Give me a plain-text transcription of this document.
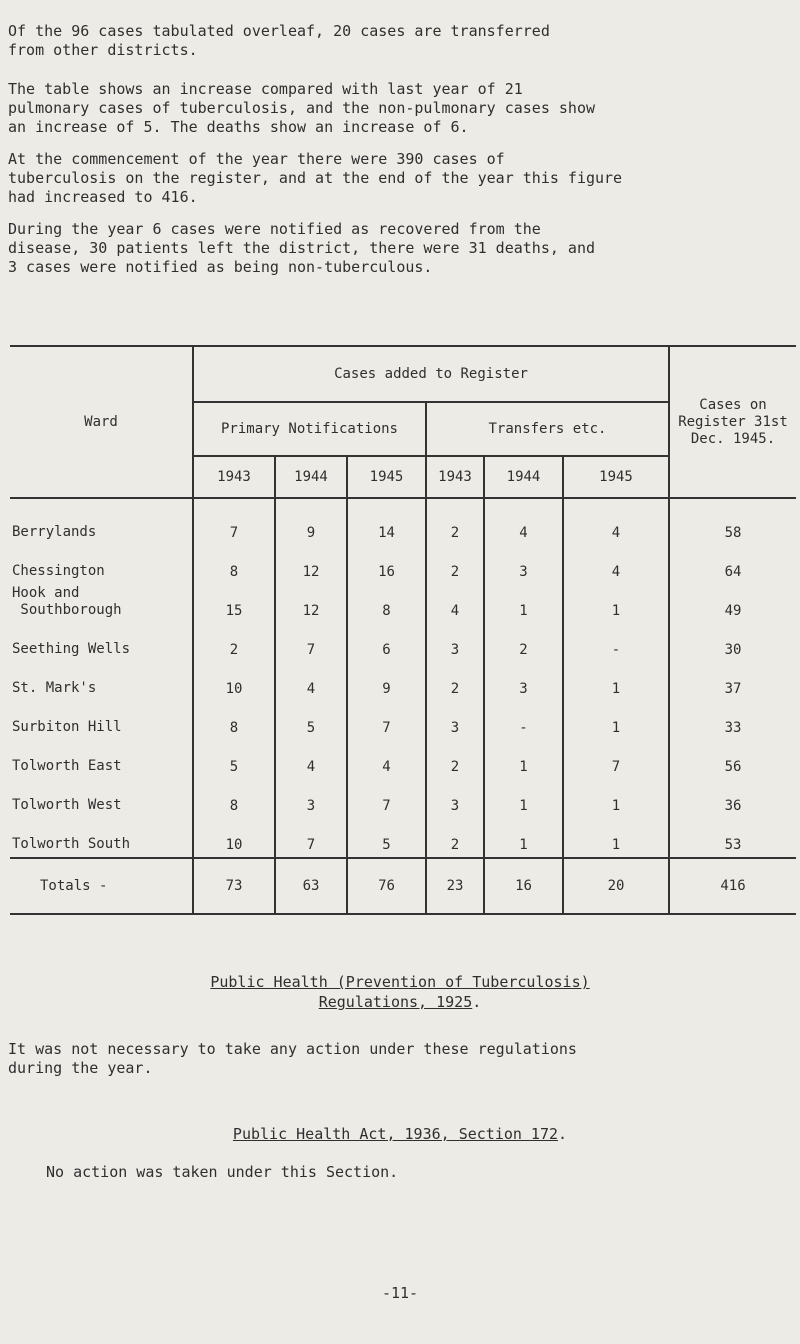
Of the 96 cases tabulated overleaf, 20 cases are transferred
from other districts.

The table shows an increase compared with last year of 21
pulmonary cases of tuberculosis, and the non-pulmonary cases show
an increase of 5. The deaths show an increase of 6.

At the commencement of the year there were 390 cases of
tuberculosis on the register, and at the end of the year this figure
had increased to 416.

During the year 6 cases were notified as recovered from the
disease, 30 patients left the district, there were 31 deaths, and
3 cases were notified as being non-tuberculous.

Ward	Cases added to Register						Cases on Register 31st Dec. 1945.
	Primary Notifications			Transfers etc.			
	1943	1944	1945	1943	1944	1945	
Berrylands	7	9	14	2	4	4	58
Chessington	8	12	16	2	3	4	64
Hook and
Southborough	15	12	8	4	1	1	49
Seething Wells	2	7	6	3	2	-	30
St. Mark's	10	4	9	2	3	1	37
Surbiton Hill	8	5	7	3	-	1	33
Tolworth East	5	4	4	2	1	7	56
Tolworth West	8	3	7	3	1	1	36
Tolworth South	10	7	5	2	1	1	53
Totals -	73	63	76	23	16	20	416

Public Health (Prevention of Tuberculosis)
Regulations, 1925.

It was not necessary to take any action under these regulations
during the year.

Public Health Act, 1936, Section 172.

No action was taken under this Section.

-11-
